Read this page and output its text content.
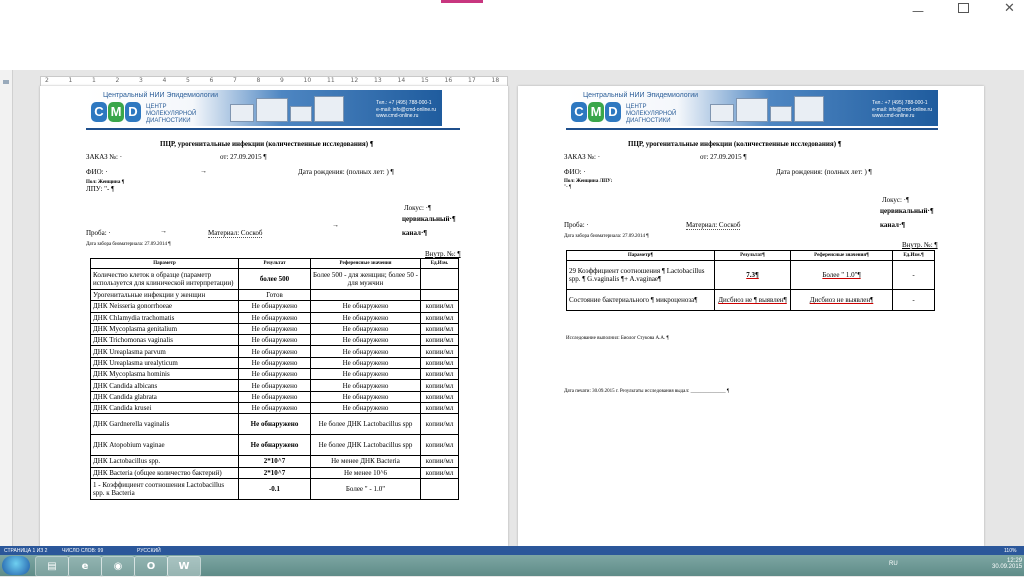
—	✕
2	1	1	2	3	4	5	6	7	8	9	10	11	12	13	14	15	16	17	18
Центральный НИИ Эпидемиологии
C M D	ЦЕНТР МОЛЕКУЛЯРНОЙ ДИАГНОСТИКИ
Тел.: +7 (495) 788-000-1
e-mail: info@cmd-online.ru
www.cmd-online.ru
ПЦР, урогенитальные инфекции (количественные исследования) ¶
ЗАКАЗ №: ·	от: 27.09.2015 ¶
ФИО: ·	→	Дата рождения: (полных лет: ) ¶
Пол: Женщина ¶
ЛПУ: "- ¶
Локус: ·¶
цервикальный·¶
Проба: ·	→	Материал: Соскоб
→
канал·¶
Дата забора биоматериала: 27.09.2014 ¶
Внутр. №: ¶
Параметр	Результат	Референсные значения	Ед.Изм.
Количество клеток в образце (параметр используется для клинической интерпретации)	более 500	Более 500 - для женщин; более 50 - для мужчин	
Урогенитальные инфекции у женщин	Готов		
ДНК Neisseria gonorrhoeae	Не обнаружено	Не обнаружено	копии/мл
ДНК Chlamydia trachomatis	Не обнаружено	Не обнаружено	копии/мл
ДНК Mycoplasma genitalium	Не обнаружено	Не обнаружено	копии/мл
ДНК Trichomonas vaginalis	Не обнаружено	Не обнаружено	копии/мл
ДНК Ureaplasma parvum	Не обнаружено	Не обнаружено	копии/мл
ДНК Ureaplasma urealyticum	Не обнаружено	Не обнаружено	копии/мл
ДНК Mycoplasma hominis	Не обнаружено	Не обнаружено	копии/мл
ДНК Candida albicans	Не обнаружено	Не обнаружено	копии/мл
ДНК Candida glabrata	Не обнаружено	Не обнаружено	копии/мл
ДНК Candida krusei	Не обнаружено	Не обнаружено	копии/мл
ДНК Gardnerella vaginalis	Не обнаружено	Не более ДНК Lactobacillus spp	копии/мл
ДНК Atopobium vaginae	Не обнаружено	Не более ДНК Lactobacillus spp	копии/мл
ДНК Lactobacillus spp.	2*10^7	Не менее ДНК Bacteria	копии/мл
ДНК Bacteria (общее количество бактерий)	2*10^7	Не менее 10^6	копии/мл
1 - Коэффициент соотношения Lactobacillus spp. к Bacteria	-0.1	Более " - 1.0"	
Центральный НИИ Эпидемиологии
C M D	ЦЕНТР МОЛЕКУЛЯРНОЙ ДИАГНОСТИКИ
Тел.: +7 (495) 788-000-1
e-mail: info@cmd-online.ru
www.cmd-online.ru
ПЦР, урогенитальные инфекции (количественные исследования) ¶
ЗАКАЗ №: ·	от: 27.09.2015 ¶
ФИО: ·	Дата рождения: (полных лет: ) ¶
Пол: Женщина ЛПУ:
"- ¶
Локус: ·¶
цервикальный·¶
Проба: ·	Материал: Соскоб	канал·¶
Дата забора биоматериала: 27.09.2014 ¶
Внутр. №: ¶
Параметр¶	Результат¶	Референсные значения¶	Ед.Изм.¶
29 Коэффициент соотношения ¶ Lactobacillus spp. ¶ G.vaginalis ¶+ A.vaginae¶	7.3¶	Более " 1.0"¶	-
Состояние бактериального ¶ микроценоза¶	Дисбиоз не ¶ выявлен¶	Дисбиоз не выявлен¶	-
Исследование выполнил: Биолог Стукова А.А. ¶
Дата печати: 30.09.2015 г. Результаты исследования выдал: ______________ ¶
СТРАНИЦА 1 ИЗ 2	ЧИСЛО СЛОВ: 99	РУССКИЙ	110%
▤	e	◉	O	W	RU	12:29
30.09.2015
